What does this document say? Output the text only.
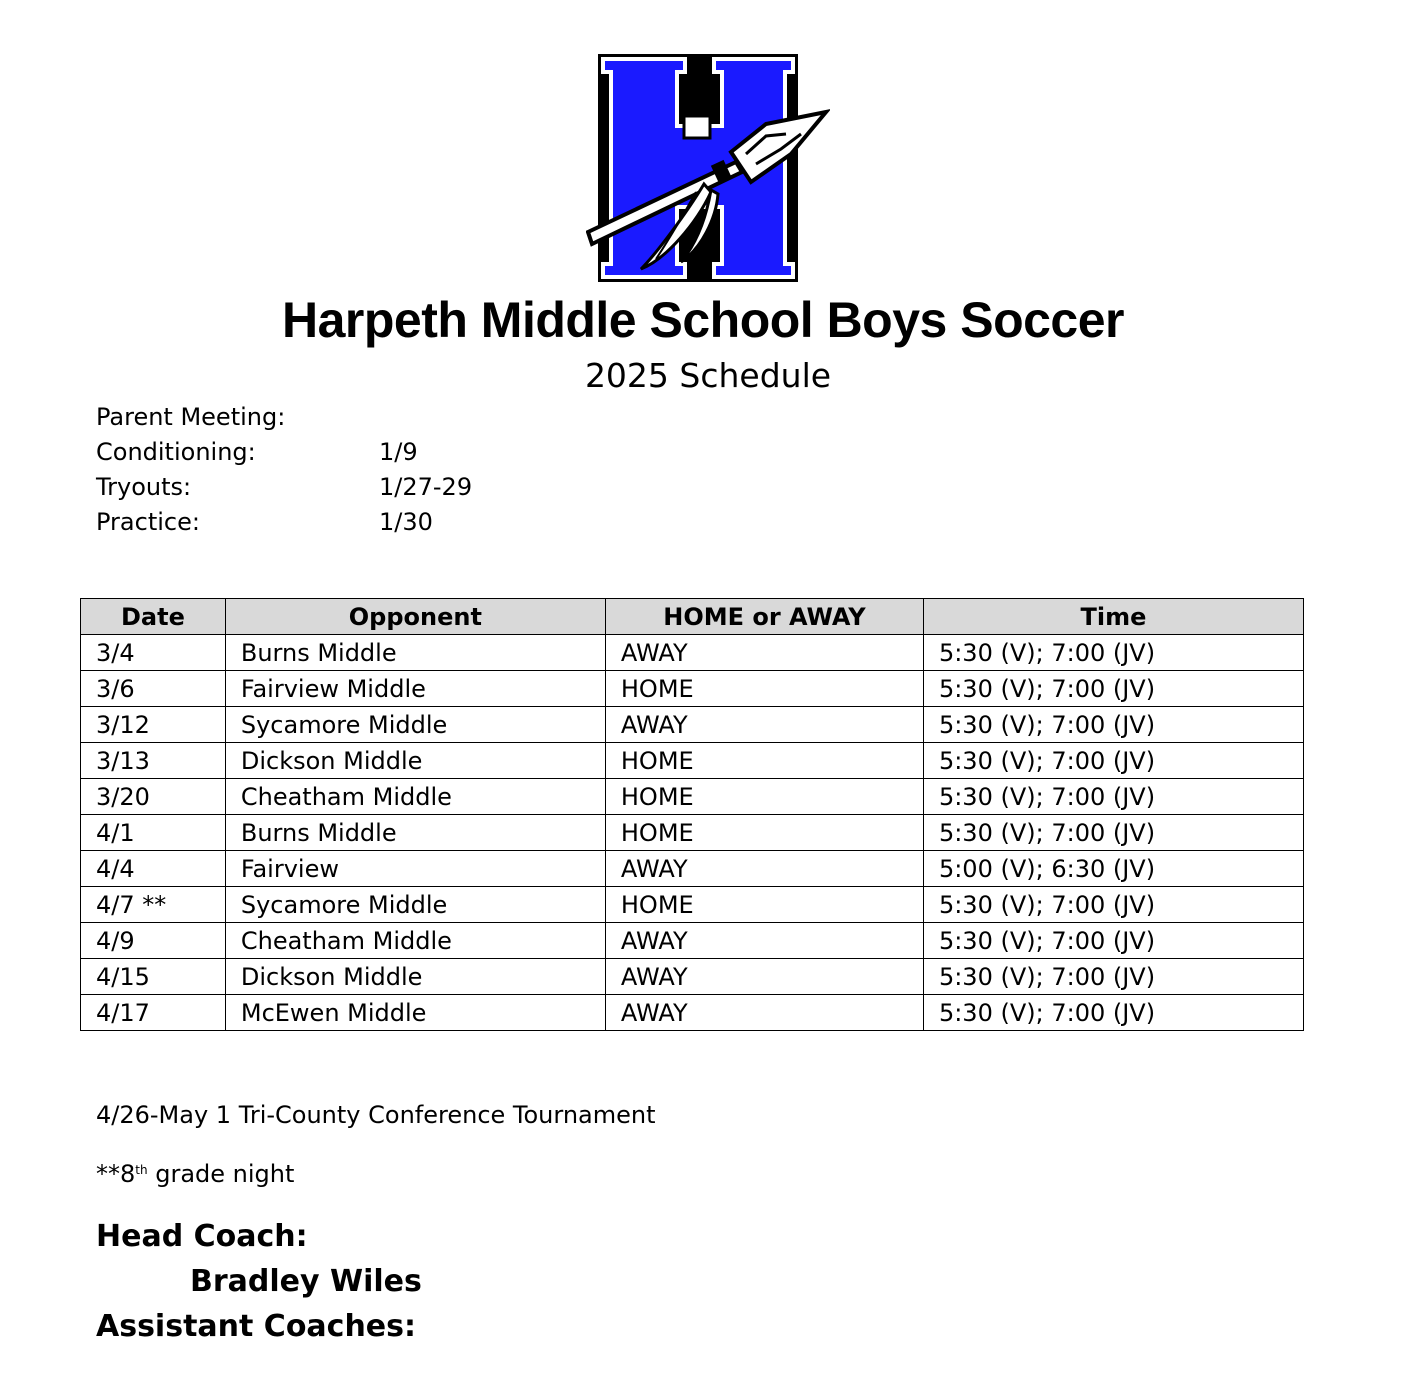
Harpeth Middle School Boys Soccer
2025 Schedule
Parent Meeting:
Conditioning:	1/9
Tryouts:	1/27-29
Practice:	1/30
Date	Opponent	HOME or AWAY	Time
3/4	Burns Middle	AWAY	5:30 (V); 7:00 (JV)
3/6	Fairview Middle	HOME	5:30 (V); 7:00 (JV)
3/12	Sycamore Middle	AWAY	5:30 (V); 7:00 (JV)
3/13	Dickson Middle	HOME	5:30 (V); 7:00 (JV)
3/20	Cheatham Middle	HOME	5:30 (V); 7:00 (JV)
4/1	Burns Middle	HOME	5:30 (V); 7:00 (JV)
4/4	Fairview	AWAY	5:00 (V); 6:30 (JV)
4/7 **	Sycamore Middle	HOME	5:30 (V); 7:00 (JV)
4/9	Cheatham Middle	AWAY	5:30 (V); 7:00 (JV)
4/15	Dickson Middle	AWAY	5:30 (V); 7:00 (JV)
4/17	McEwen Middle	AWAY	5:30 (V); 7:00 (JV)
4/26-May 1 Tri-County Conference Tournament
**8th grade night
Head Coach:
Bradley Wiles
Assistant Coaches:
